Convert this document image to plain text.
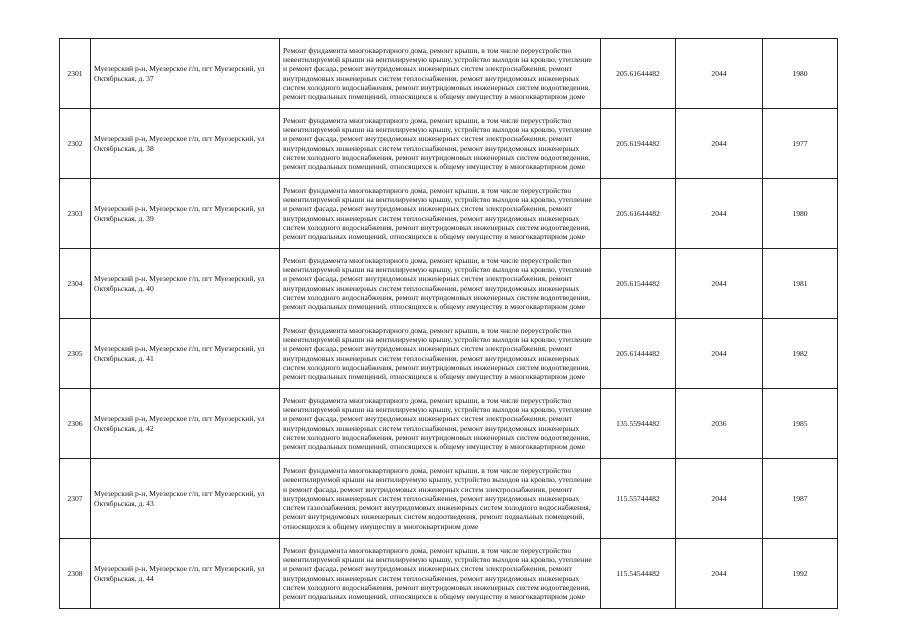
2301	Муезерский р-н, Муезерское г/п, пгт Муезерский, ул Октябрьская, д. 37	Ремонт фундамента многоквартирного дома, ремонт крыши, в том числе переустройство невентилируемой крыши на вентилируемую крышу, устройство выходов на кровлю, утепление и ремонт фасада, ремонт внутридомовых инженерных систем электроснабжения, ремонт внутридомовых инженерных систем теплоснабжения, ремонт внутридомовых инженерных систем холодного водоснабжения, ремонт внутридомовых инженерных систем водоотведения, ремонт подвальных помещений, относящихся к общему имуществу в многоквартирном доме	205.61644482	2044	1980
2302	Муезерский р-н, Муезерское г/п, пгт Муезерский, ул Октябрьская, д. 38	Ремонт фундамента многоквартирного дома, ремонт крыши, в том числе переустройство невентилируемой крыши на вентилируемую крышу, устройство выходов на кровлю, утепление и ремонт фасада, ремонт внутридомовых инженерных систем электроснабжения, ремонт внутридомовых инженерных систем теплоснабжения, ремонт внутридомовых инженерных систем холодного водоснабжения, ремонт внутридомовых инженерных систем водоотведения, ремонт подвальных помещений, относящихся к общему имуществу в многоквартирном доме	205.61944482	2044	1977
2303	Муезерский р-н, Муезерское г/п, пгт Муезерский, ул Октябрьская, д. 39	Ремонт фундамента многоквартирного дома, ремонт крыши, в том числе переустройство невентилируемой крыши на вентилируемую крышу, устройство выходов на кровлю, утепление и ремонт фасада, ремонт внутридомовых инженерных систем электроснабжения, ремонт внутридомовых инженерных систем теплоснабжения, ремонт внутридомовых инженерных систем холодного водоснабжения, ремонт внутридомовых инженерных систем водоотведения, ремонт подвальных помещений, относящихся к общему имуществу в многоквартирном доме	205.61644482	2044	1980
2304	Муезерский р-н, Муезерское г/п, пгт Муезерский, ул Октябрьская, д. 40	Ремонт фундамента многоквартирного дома, ремонт крыши, в том числе переустройство невентилируемой крыши на вентилируемую крышу, устройство выходов на кровлю, утепление и ремонт фасада, ремонт внутридомовых инженерных систем электроснабжения, ремонт внутридомовых инженерных систем теплоснабжения, ремонт внутридомовых инженерных систем холодного водоснабжения, ремонт внутридомовых инженерных систем водоотведения, ремонт подвальных помещений, относящихся к общему имуществу в многоквартирном доме	205.61544482	2044	1981
2305	Муезерский р-н, Муезерское г/п, пгт Муезерский, ул Октябрьская, д. 41	Ремонт фундамента многоквартирного дома, ремонт крыши, в том числе переустройство невентилируемой крыши на вентилируемую крышу, устройство выходов на кровлю, утепление и ремонт фасада, ремонт внутридомовых инженерных систем электроснабжения, ремонт внутридомовых инженерных систем теплоснабжения, ремонт внутридомовых инженерных систем холодного водоснабжения, ремонт внутридомовых инженерных систем водоотведения, ремонт подвальных помещений, относящихся к общему имуществу в многоквартирном доме	205.61444482	2044	1982
2306	Муезерский р-н, Муезерское г/п, пгт Муезерский, ул Октябрьская, д. 42	Ремонт фундамента многоквартирного дома, ремонт крыши, в том числе переустройство невентилируемой крыши на вентилируемую крышу, устройство выходов на кровлю, утепление и ремонт фасада, ремонт внутридомовых инженерных систем электроснабжения, ремонт внутридомовых инженерных систем теплоснабжения, ремонт внутридомовых инженерных систем холодного водоснабжения, ремонт внутридомовых инженерных систем водоотведения, ремонт подвальных помещений, относящихся к общему имуществу в многоквартирном доме	135.55944482	2036	1985
2307	Муезерский р-н, Муезерское г/п, пгт Муезерский, ул Октябрьская, д. 43	Ремонт фундамента многоквартирного дома, ремонт крыши, в том числе переустройство невентилируемой крыши на вентилируемую крышу, устройство выходов на кровлю, утепление и ремонт фасада, ремонт внутридомовых инженерных систем электроснабжения, ремонт внутридомовых инженерных систем теплоснабжения, ремонт внутридомовых инженерных систем газоснабжения, ремонт внутридомовых инженерных систем холодного водоснабжения, ремонт внутридомовых инженерных систем водоотведения, ремонт подвальных помещений, относящихся к общему имуществу в многоквартирном доме	115.55744482	2044	1987
2308	Муезерский р-н, Муезерское г/п, пгт Муезерский, ул Октябрьская, д. 44	Ремонт фундамента многоквартирного дома, ремонт крыши, в том числе переустройство невентилируемой крыши на вентилируемую крышу, устройство выходов на кровлю, утепление и ремонт фасада, ремонт внутридомовых инженерных систем электроснабжения, ремонт внутридомовых инженерных систем теплоснабжения, ремонт внутридомовых инженерных систем холодного водоснабжения, ремонт внутридомовых инженерных систем водоотведения, ремонт подвальных помещений, относящихся к общему имуществу в многоквартирном доме	115.54544482	2044	1992
